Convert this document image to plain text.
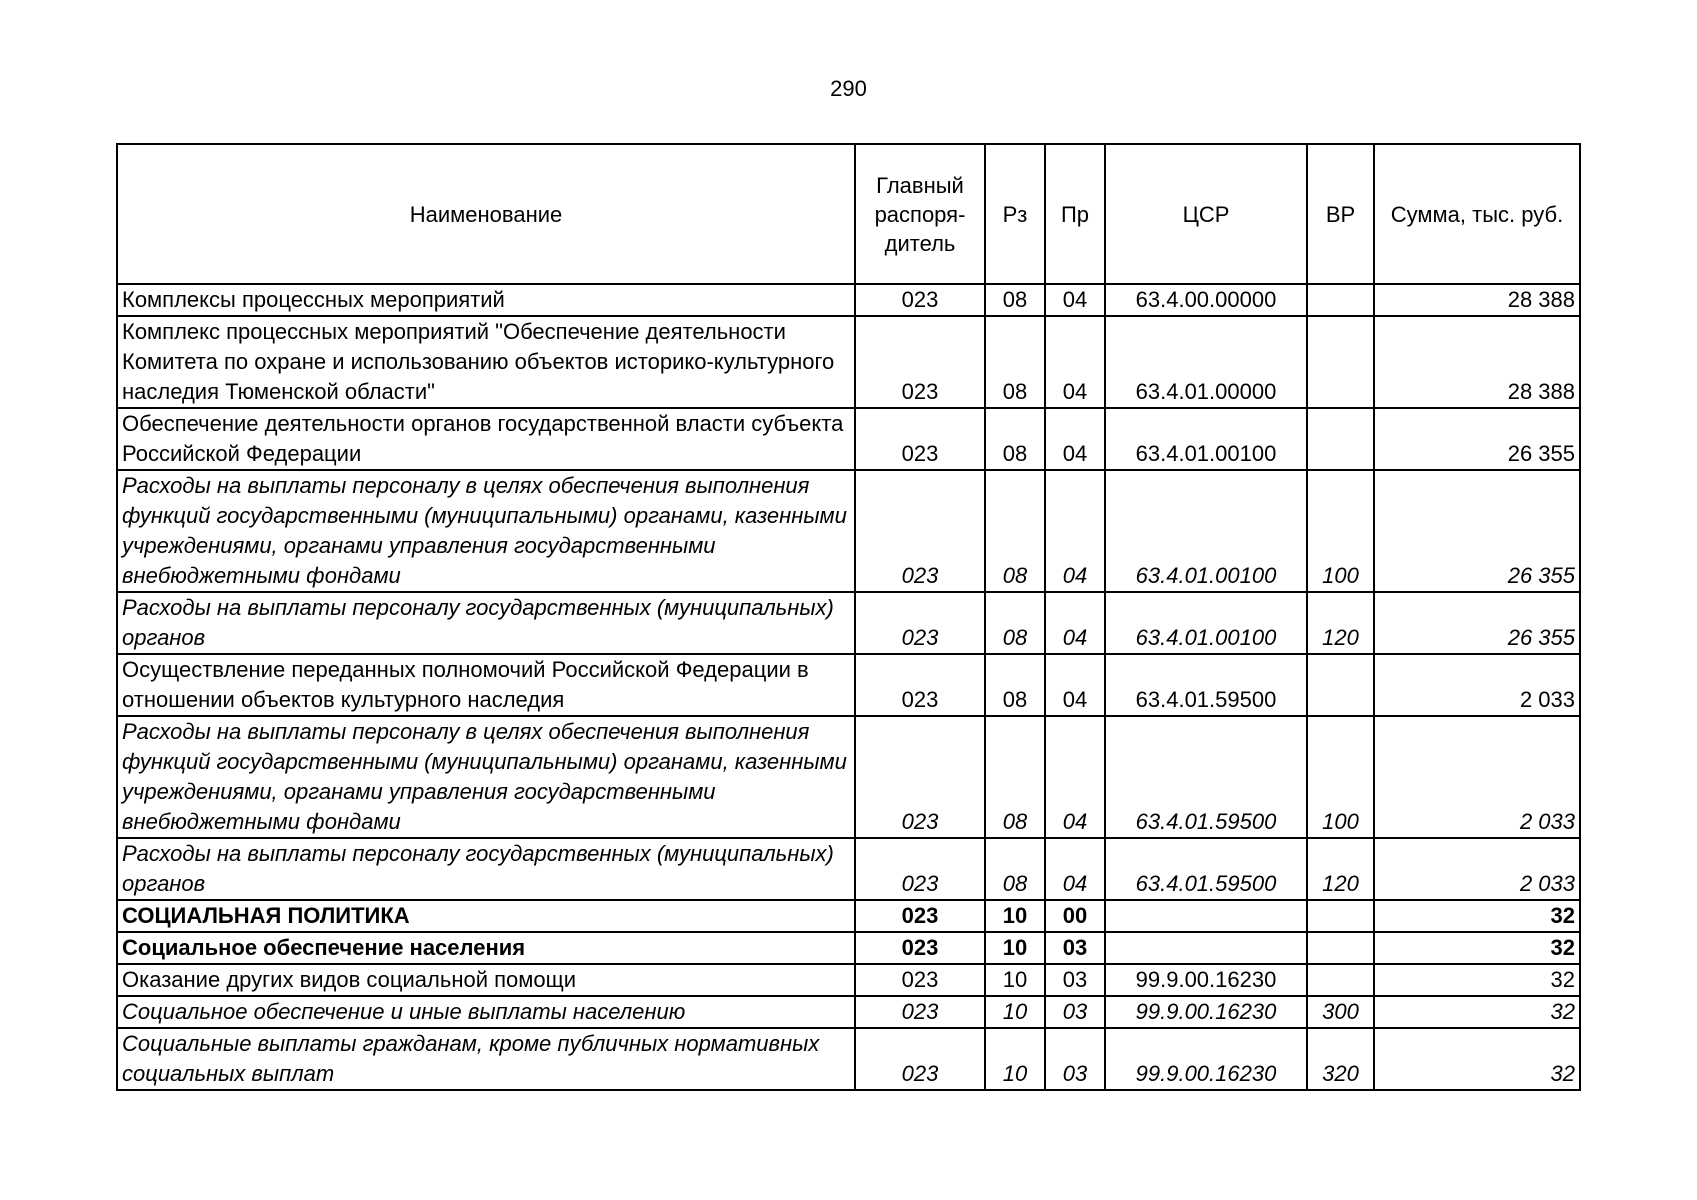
290
Наименование	Главный распоря-дитель	Рз	Пр	ЦСР	ВР	Сумма, тыс. руб.
Комплексы процессных мероприятий	023	08	04	63.4.00.00000		28 388
Комплекс процессных мероприятий "Обеспечение деятельности Комитета по охране и использованию объектов историко-культурного наследия Тюменской области"	023	08	04	63.4.01.00000		28 388
Обеспечение деятельности органов государственной власти субъекта Российской Федерации	023	08	04	63.4.01.00100		26 355
Расходы на выплаты персоналу в целях обеспечения выполнения функций государственными (муниципальными) органами, казенными учреждениями, органами управления государственными внебюджетными фондами	023	08	04	63.4.01.00100	100	26 355
Расходы на выплаты персоналу государственных (муниципальных) органов	023	08	04	63.4.01.00100	120	26 355
Осуществление переданных полномочий Российской Федерации в отношении объектов культурного наследия	023	08	04	63.4.01.59500		2 033
Расходы на выплаты персоналу в целях обеспечения выполнения функций государственными (муниципальными) органами, казенными учреждениями, органами управления государственными внебюджетными фондами	023	08	04	63.4.01.59500	100	2 033
Расходы на выплаты персоналу государственных (муниципальных) органов	023	08	04	63.4.01.59500	120	2 033
СОЦИАЛЬНАЯ ПОЛИТИКА	023	10	00			32
Социальное обеспечение населения	023	10	03			32
Оказание других видов социальной помощи	023	10	03	99.9.00.16230		32
Социальное обеспечение и иные выплаты населению	023	10	03	99.9.00.16230	300	32
Социальные выплаты гражданам, кроме публичных нормативных социальных выплат	023	10	03	99.9.00.16230	320	32
